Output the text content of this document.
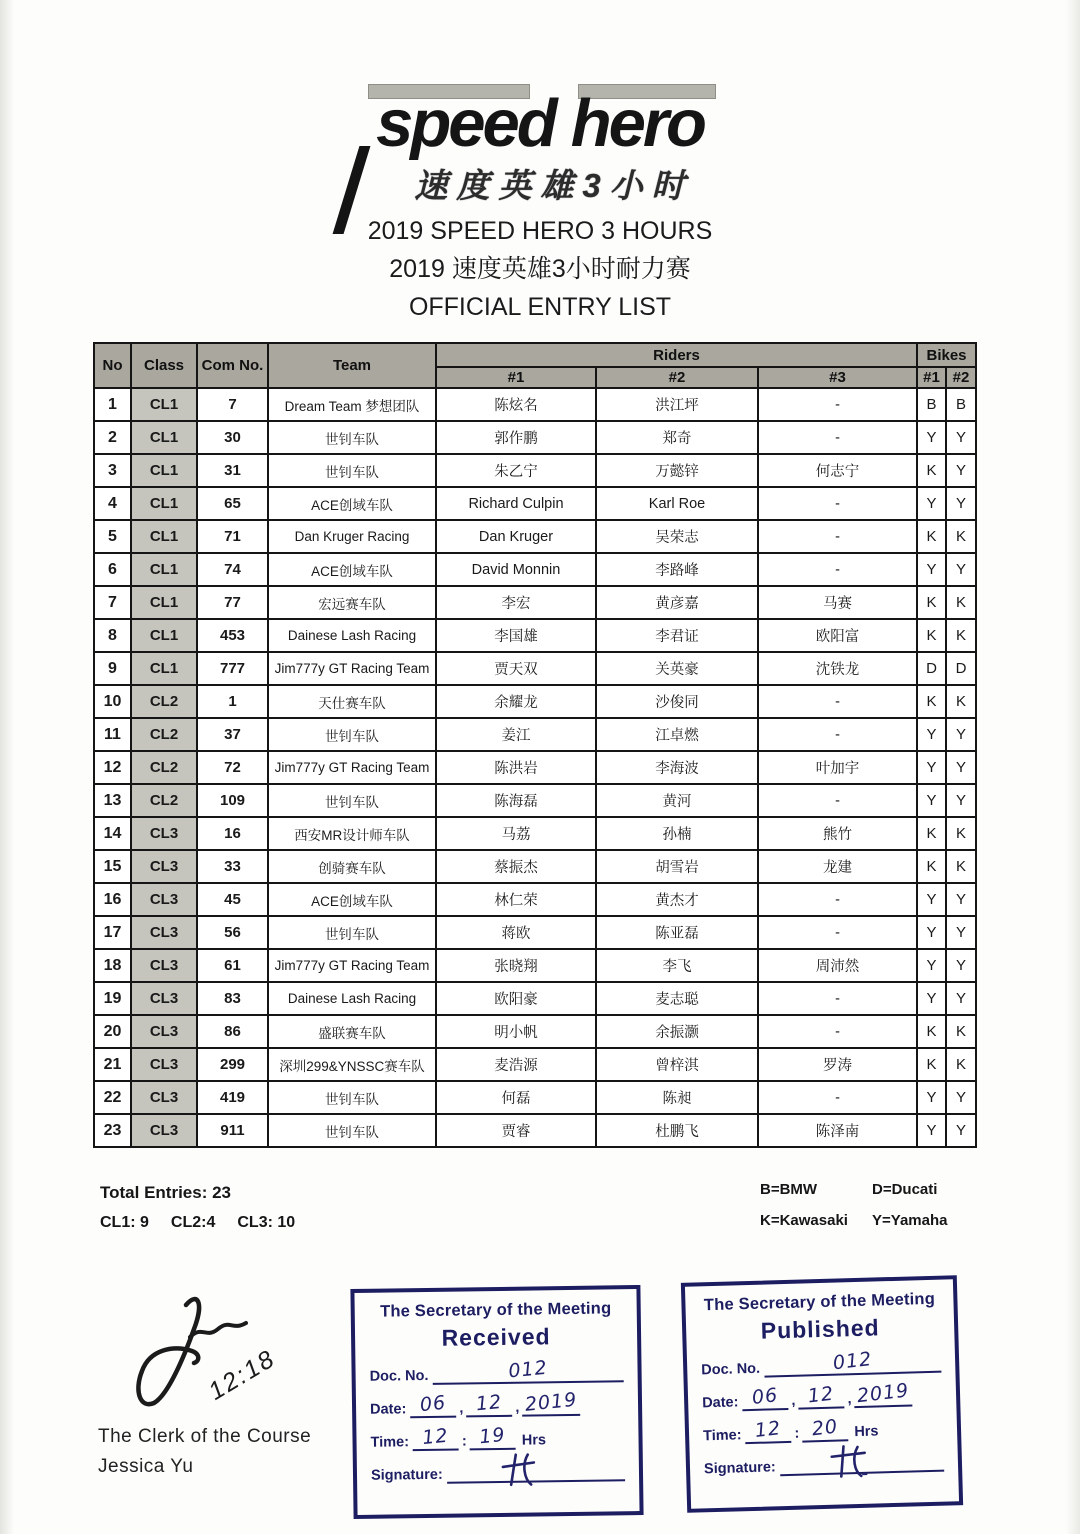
speed hero
速度英雄3小时
2019 SPEED HERO 3 HOURS
2019 速度英雄3小时耐力赛
OFFICIAL ENTRY LIST
No	Class	Com No.	Team	Riders			Bikes	
				#1	#2	#3	#1	#2
1	CL1	7	Dream Team 梦想团队	陈炫名	洪江坪	-	B	B
2	CL1	30	世钊车队	郭作鹏	郑奇	-	Y	Y
3	CL1	31	世钊车队	朱乙宁	万懿锌	何志宁	K	Y
4	CL1	65	ACE创域车队	Richard Culpin	Karl Roe	-	Y	Y
5	CL1	71	Dan Kruger Racing	Dan Kruger	吴荣志	-	K	K
6	CL1	74	ACE创域车队	David Monnin	李路峰	-	Y	Y
7	CL1	77	宏远赛车队	李宏	黄彦嘉	马赛	K	K
8	CL1	453	Dainese Lash Racing	李国雄	李君证	欧阳富	K	K
9	CL1	777	Jim777y GT Racing Team	贾天双	关英豪	沈铁龙	D	D
10	CL2	1	天仕赛车队	余耀龙	沙俊同	-	K	K
11	CL2	37	世钊车队	姜江	江卓燃	-	Y	Y
12	CL2	72	Jim777y GT Racing Team	陈洪岩	李海波	叶加宇	Y	Y
13	CL2	109	世钊车队	陈海磊	黄河	-	Y	Y
14	CL3	16	西安MR设计师车队	马荔	孙楠	熊竹	K	K
15	CL3	33	创骑赛车队	蔡振杰	胡雪岩	龙建	K	K
16	CL3	45	ACE创域车队	林仁荣	黄杰才	-	Y	Y
17	CL3	56	世钊车队	蒋欧	陈亚磊	-	Y	Y
18	CL3	61	Jim777y GT Racing Team	张晓翔	李飞	周沛然	Y	Y
19	CL3	83	Dainese Lash Racing	欧阳豪	麦志聪	-	Y	Y
20	CL3	86	盛联赛车队	明小帆	余振灏	-	K	K
21	CL3	299	深圳299&YNSSC赛车队	麦浩源	曾梓淇	罗涛	K	K
22	CL3	419	世钊车队	何磊	陈昶	-	Y	Y
23	CL3	911	世钊车队	贾睿	杜鹏飞	陈泽南	Y	Y
Total Entries: 23
CL1: 9 CL2:4 CL3: 10
B=BMW	D=Ducati
K=Kawasaki Y=Yamaha
12:18
The Clerk of the Course
Jessica Yu
The Secretary of the Meeting
Received
Doc. No.	012
Date: 06 , 12 , 2019
Time: 12 : 19	Hrs
Signature:
The Secretary of the Meeting
Published
Doc. No.	012
Date: 06 , 12 , 2019
Time: 12 : 20	Hrs
Signature:
